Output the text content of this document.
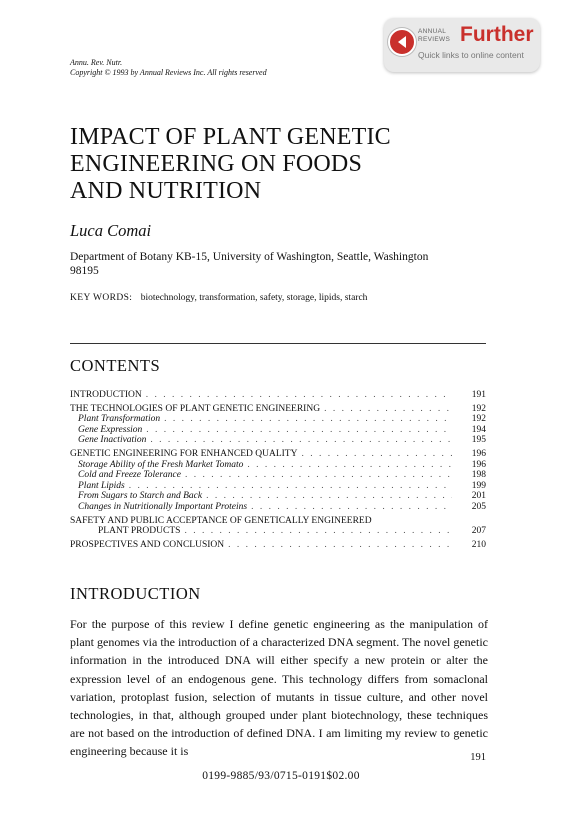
ANNUAL REVIEWS Further
Quick links to online content
Annu. Rev. Nutr.
Copyright © 1993 by Annual Reviews Inc. All rights reserved
IMPACT OF PLANT GENETIC
ENGINEERING ON FOODS
AND NUTRITION
Luca Comai
Department of Botany KB-15, University of Washington, Seattle, Washington 98195
KEY WORDS: biotechnology, transformation, safety, storage, lipids, starch
CONTENTS
INTRODUCTION . . .	191
THE TECHNOLOGIES OF PLANT GENETIC ENGINEERING . . .	192
Plant Transformation . . .	192
Gene Expression . . .	194
Gene Inactivation . . .	195
GENETIC ENGINEERING FOR ENHANCED QUALITY . . .	196
Storage Ability of the Fresh Market Tomato . . .	196
Cold and Freeze Tolerance . . .	198
Plant Lipids . . .	199
From Sugars to Starch and Back . . .	201
Changes in Nutritionally Important Proteins . . .	205
SAFETY AND PUBLIC ACCEPTANCE OF GENETICALLY ENGINEERED
PLANT PRODUCTS . . .	207
PROSPECTIVES AND CONCLUSION . . .	210
INTRODUCTION

For the purpose of this review I define genetic engineering as the manipulation of plant genomes via the introduction of a characterized DNA segment. The novel genetic information in the introduced DNA will either specify a new protein or alter the expression level of an endogenous gene. This technology differs from somaclonal variation, protoplast fusion, selection of mutants in tissue culture, and other novel technologies, in that, although grouped under plant biotechnology, these techniques are not based on the introduction of defined DNA. I am limiting my review to genetic engineering because it is	191
0199-9885/93/0715-0191$02.00
